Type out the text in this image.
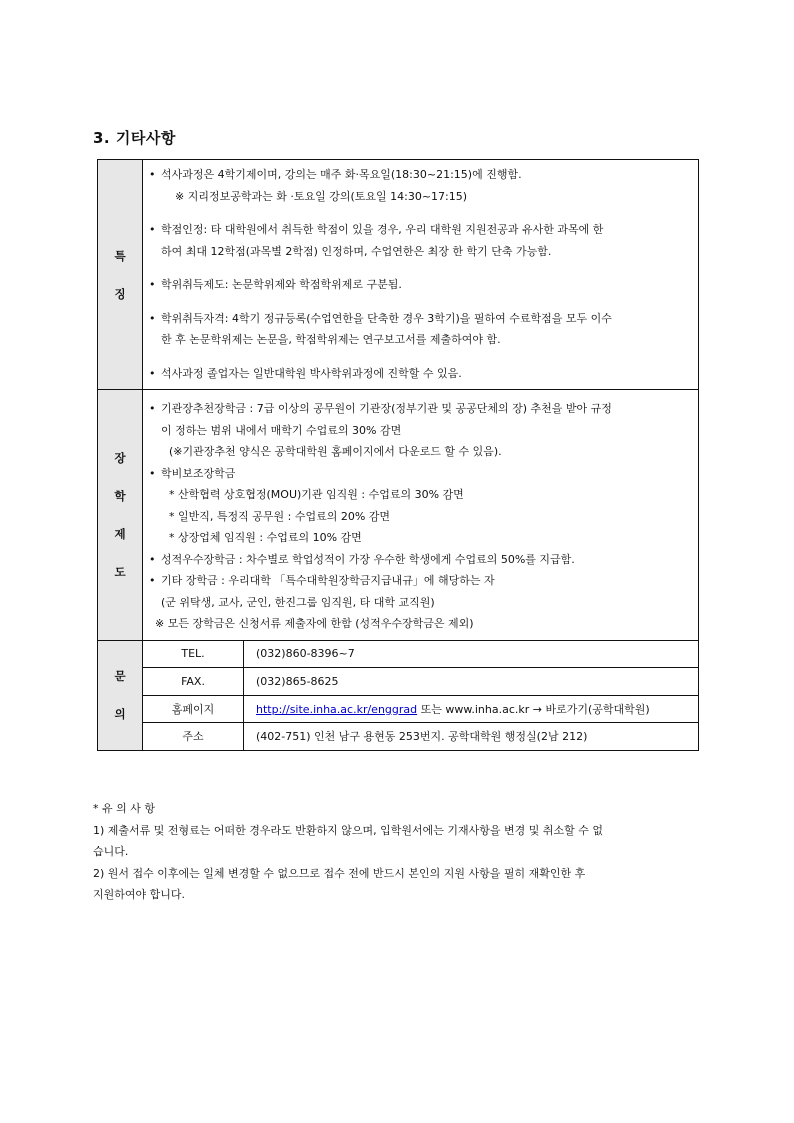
3. 기타사항
특
징

• 석사과정은 4학기제이며, 강의는 매주 화·목요일(18:30~21:15)에 진행함.
※ 지리정보공학과는 화 ·토요일 강의(토요일 14:30~17:15)
• 학점인정: 타 대학원에서 취득한 학점이 있을 경우, 우리 대학원 지원전공과 유사한 과목에 한
하여 최대 12학점(과목별 2학점) 인정하며, 수업연한은 최장 한 학기 단축 가능함.
• 학위취득제도: 논문학위제와 학점학위제로 구분됨.
• 학위취득자격: 4학기 정규등록(수업연한을 단축한 경우 3학기)을 필하여 수료학점을 모두 이수
한 후 논문학위제는 논문을, 학점학위제는 연구보고서를 제출하여야 함.
• 석사과정 졸업자는 일반대학원 박사학위과정에 진학할 수 있음.

장
학
제
도

• 기관장추천장학금 : 7급 이상의 공무원이 기관장(정부기관 및 공공단체의 장) 추천을 받아 규정
이 정하는 범위 내에서 매학기 수업료의 30% 감면
(※기관장추천 양식은 공학대학원 홈페이지에서 다운로드 할 수 있음).
• 학비보조장학금
* 산학협력 상호협정(MOU)기관 임직원 : 수업료의 30% 감면
* 일반직, 특정직 공무원 : 수업료의 20% 감면
* 상장업체 임직원 : 수업료의 10% 감면
• 성적우수장학금 : 차수별로 학업성적이 가장 우수한 학생에게 수업료의 50%를 지급함.
• 기타 장학금 : 우리대학 「특수대학원장학금지급내규」에 해당하는 자
(군 위탁생, 교사, 군인, 한진그룹 임직원, 타 대학 교직원)
※ 모든 장학금은 신청서류 제출자에 한함 (성적우수장학금은 제외)

문
의

TEL.	(032)860-8396~7
FAX.	(032)865-8625
홈페이지	http://site.inha.ac.kr/enggrad 또는 www.inha.ac.kr → 바로가기(공학대학원)
주소	(402-751) 인천 남구 용현동 253번지. 공학대학원 행정실(2남 212)
* 유 의 사 항
1) 제출서류 및 전형료는 어떠한 경우라도 반환하지 않으며, 입학원서에는 기재사항을 변경 및 취소할 수 없
습니다.
2) 원서 접수 이후에는 일체 변경할 수 없으므로 접수 전에 반드시 본인의 지원 사항을 필히 재확인한 후
지원하여야 합니다.
